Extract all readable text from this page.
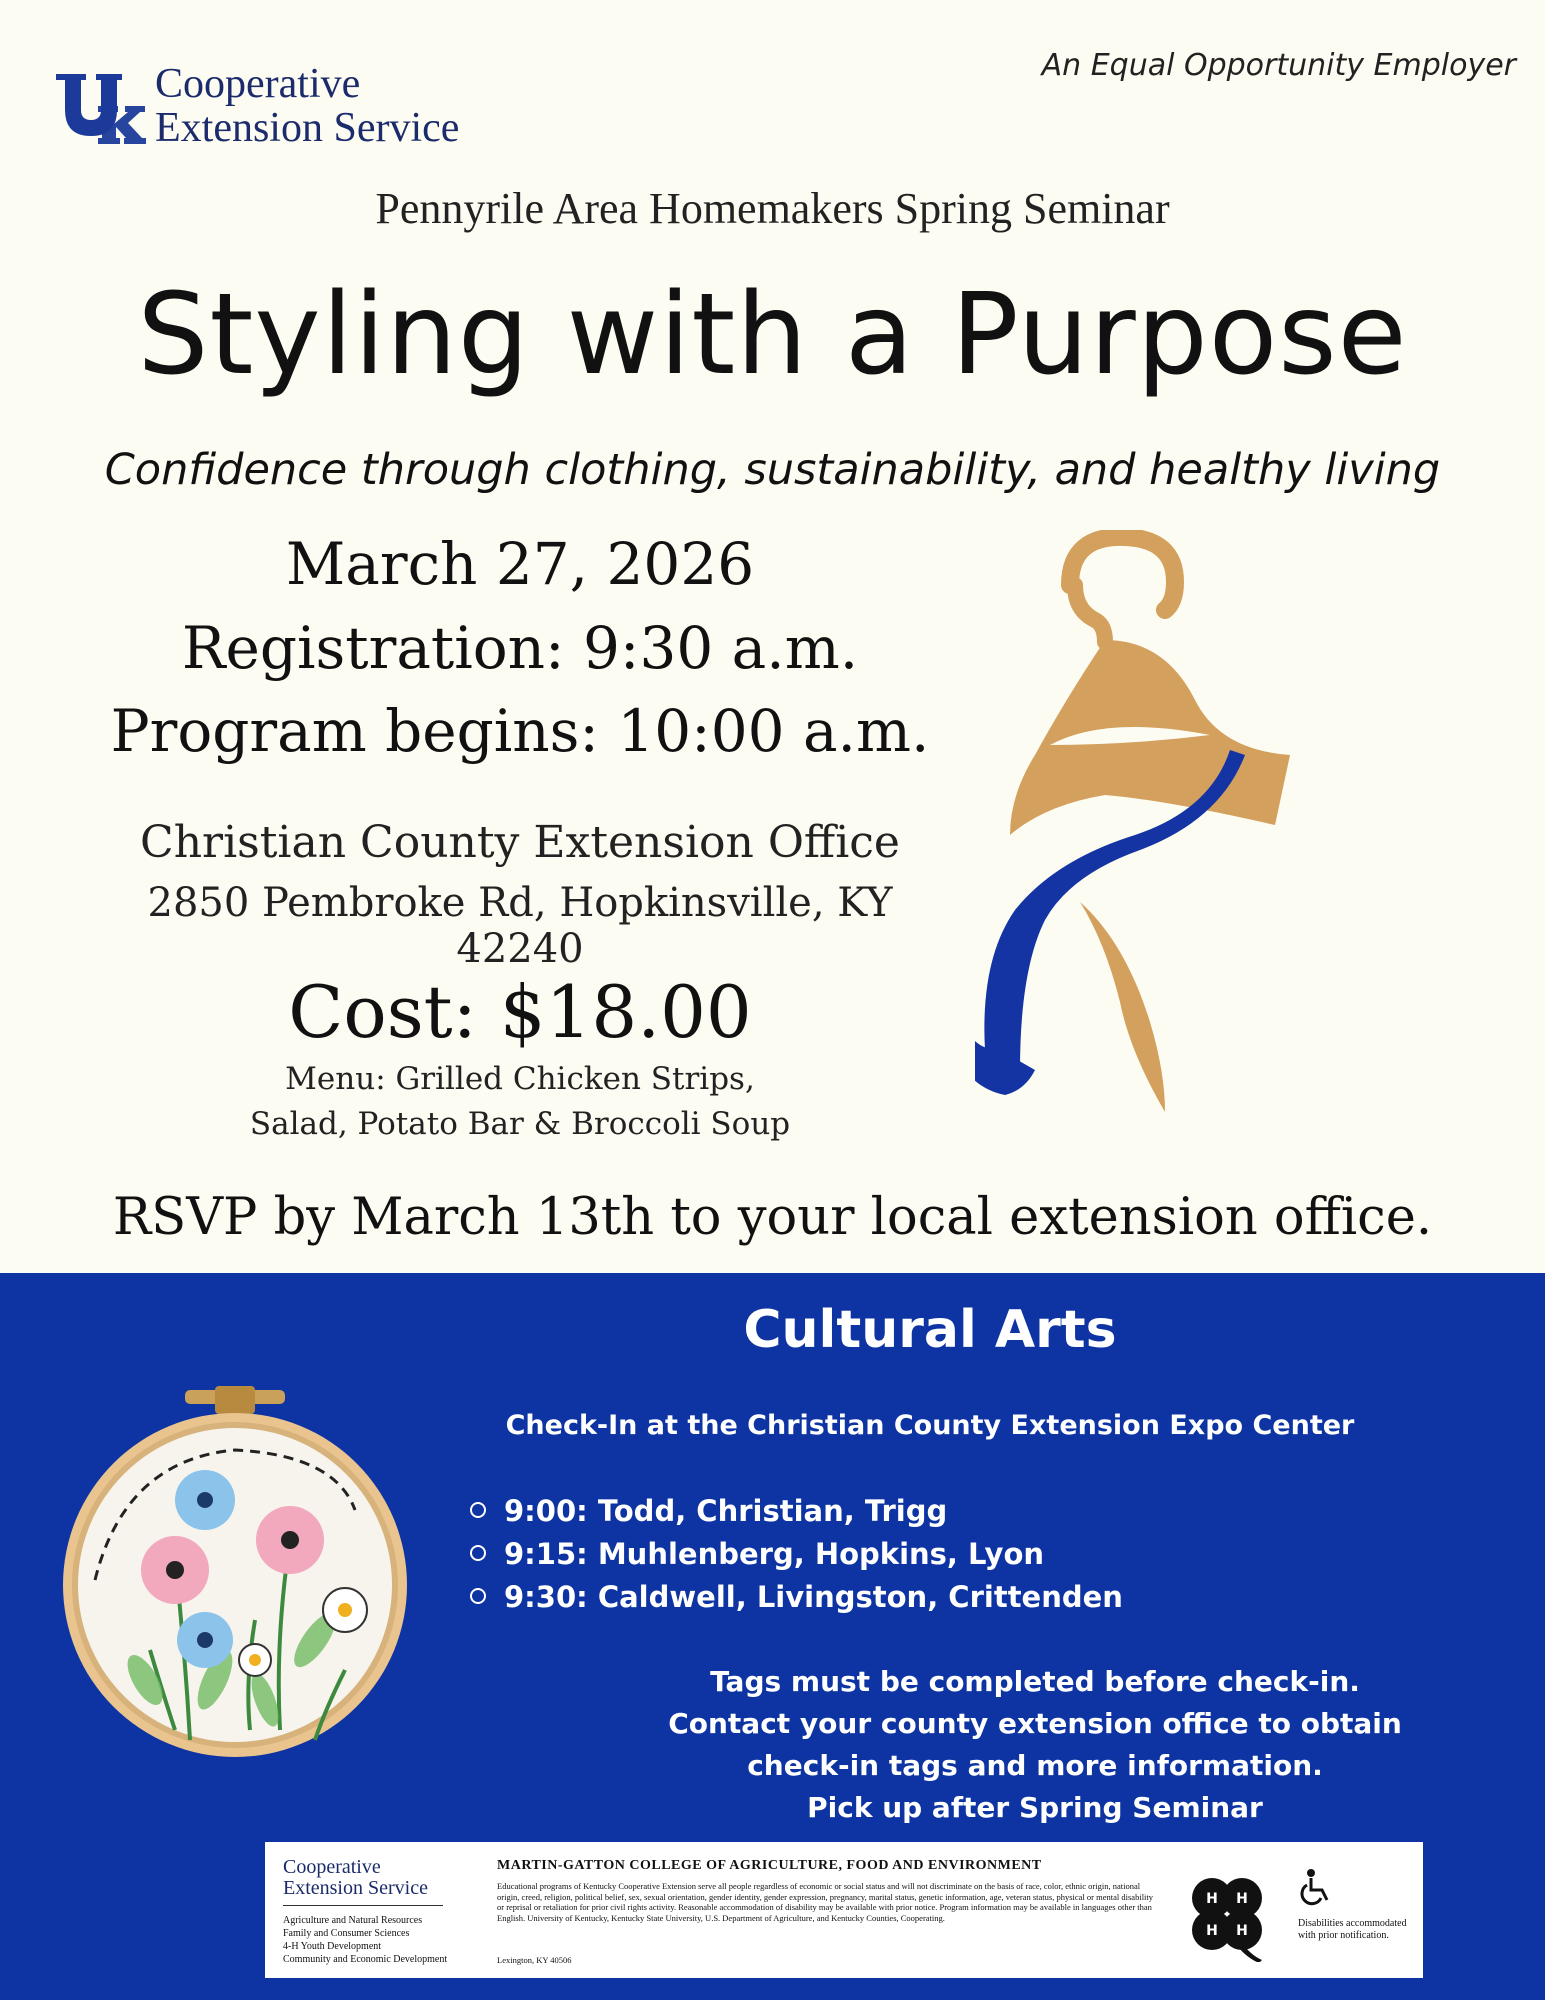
Cooperative
Extension Service
An Equal Opportunity Employer
Pennyrile Area Homemakers Spring Seminar
Styling with a Purpose
Confidence through clothing, sustainability, and healthy living
March 27, 2026
Registration: 9:30 a.m.
Program begins: 10:00 a.m.
Christian County Extension Office
2850 Pembroke Rd, Hopkinsville, KY 42240
Cost: $18.00
Menu: Grilled Chicken Strips,
Salad, Potato Bar & Broccoli Soup
RSVP by March 13th to your local extension office.
Cultural Arts
Check-In at the Christian County Extension Expo Center
9:00: Todd, Christian, Trigg
9:15: Muhlenberg, Hopkins, Lyon
9:30: Caldwell, Livingston, Crittenden
Tags must be completed before check-in.
Contact your county extension office to obtain
check-in tags and more information.
Pick up after Spring Seminar
Cooperative
Extension Service
Agriculture and Natural Resources
Family and Consumer Sciences
4-H Youth Development
Community and Economic Development
MARTIN-GATTON COLLEGE OF AGRICULTURE, FOOD AND ENVIRONMENT
Educational programs of Kentucky Cooperative Extension serve all people regardless of economic or social status and will not discriminate on the basis of race, color, ethnic origin, national origin, creed, religion, political belief, sex, sexual orientation, gender identity, gender expression, pregnancy, marital status, genetic information, age, veteran status, physical or mental disability or reprisal or retaliation for prior civil rights activity. Reasonable accommodation of disability may be available with prior notice. Program information may be available in languages other than English. University of Kentucky, Kentucky State University, U.S. Department of Agriculture, and Kentucky Counties, Cooperating.
Lexington, KY 40506
H H
H H	Disabilities accommodated with prior notification.
